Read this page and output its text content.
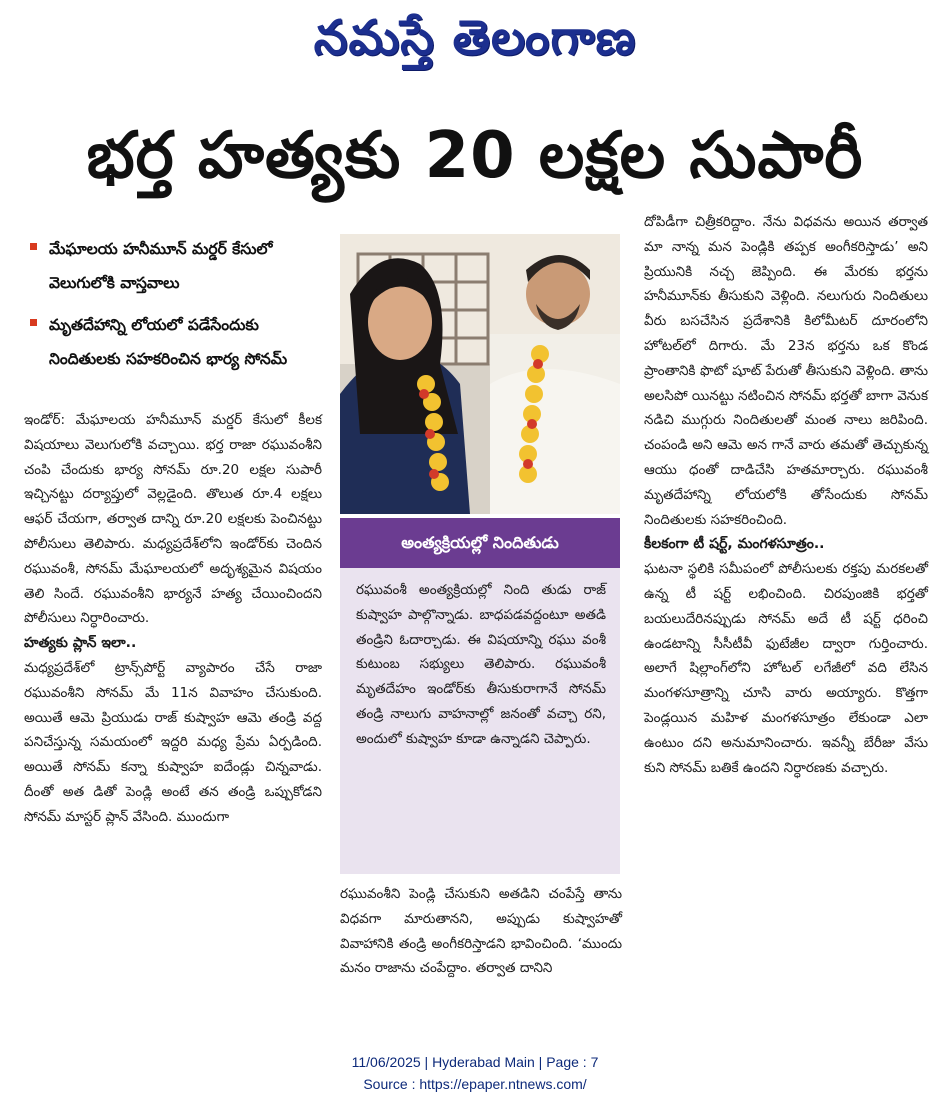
నమస్తే తెలంగాణ
భర్త హత్యకు 20 లక్షల సుపారీ
మేఘాలయ హనీమూన్ మర్డర్ కేసులో వెలుగులోకి వాస్తవాలు
మృతదేహాన్ని లోయలో పడేసేందుకు నిందితులకు సహకరించిన భార్య సోనమ్

ఇండోర్: మేఘాలయ హనీమూన్ మర్డర్ కేసులో కీలక విషయాలు వెలుగులోకి వచ్చాయి. భర్త రాజా రఘువంశీని చంపి చేందుకు భార్య సోనమ్ రూ.20 లక్షల సుపారీ ఇచ్చినట్టు దర్యాప్తులో వెల్లడైంది. తొలుత రూ.4 లక్షలు ఆఫర్ చేయగా, తర్వాత దాన్ని రూ.20 లక్షలకు పెంచినట్టు పోలీసులు తెలిపారు. మధ్యప్రదేశ్‌లోని ఇండోర్‌కు చెందిన రఘువంశీ, సోనమ్ మేఘాలయలో అదృశ్యమైన విషయం తెలి సిందే. రఘువంశీని భార్యనే హత్య చేయించిందని పోలీసులు నిర్ధారించారు.

హత్యకు ప్లాన్ ఇలా..

మధ్యప్రదేశ్‌లో ట్రాన్స్‌పోర్ట్ వ్యాపారం చేసే రాజా రఘువంశీని సోనమ్ మే 11న వివాహం చేసుకుంది. అయితే ఆమె ప్రియుడు రాజ్ కుష్వాహ ఆమె తండ్రి వద్ద పనిచేస్తున్న సమయంలో ఇద్దరి మధ్య ప్రేమ ఏర్పడింది. అయితే సోనమ్ కన్నా కుష్వాహ ఐదేండ్లు చిన్నవాడు. దీంతో అత డితో పెండ్లి అంటే తన తండ్రి ఒప్పుకోడని సోనమ్ మాస్టర్ ప్లాన్ వేసింది. ముందుగా

అంత్యక్రియల్లో నిందితుడు
రఘువంశీ అంత్యక్రియల్లో నింది తుడు రాజ్ కుష్వాహ పాల్గొన్నాడు. బాధపడవద్దంటూ అతడి తండ్రిని ఓదార్చాడు. ఈ విషయాన్ని రఘు వంశీ కుటుంబ సభ్యులు తెలిపారు. రఘువంశీ మృతదేహం ఇండోర్‌కు తీసుకురాగానే సోనమ్ తండ్రి నాలుగు వాహనాల్లో జనంతో వచ్చా రని, అందులో కుష్వాహ కూడా ఉన్నాడని చెప్పారు.

రఘువంశీని పెండ్లి చేసుకుని అతడిని చంపేస్తే తాను విధవగా మారుతానని, అప్పుడు కుష్వాహతో వివాహానికి తండ్రి అంగీకరిస్తాడని భావించింది. ‘ముందు మనం రాజాను చంపేద్దాం. తర్వాత దానిని

దోపిడీగా చిత్రీకరిద్దాం. నేను విధవను అయిన తర్వాత మా నాన్న మన పెండ్లికి తప్పక అంగీకరిస్తాడు’ అని ప్రియునికి నచ్చ జెప్పింది. ఈ మేరకు భర్తను హనీమూన్‌కు తీసుకుని వెళ్లింది. నలుగురు నిందితులు వీరు బసచేసిన ప్రదేశానికి కిలోమీటర్ దూరంలోని హోటల్‌లో దిగారు. మే 23న భర్తను ఒక కొండ ప్రాంతానికి ఫొటో షూట్ పేరుతో తీసుకుని వెళ్లింది. తాను అలసిపో యినట్టు నటించిన సోనమ్ భర్తతో బాగా వెనుక నడిచి ముగ్గురు నిందితులతో మంత నాలు జరిపింది. చంపండి అని ఆమె అన గానే వారు తమతో తెచ్చుకున్న ఆయు ధంతో దాడిచేసి హతమార్చారు. రఘువంశీ మృతదేహాన్ని లోయలోకి తోసేందుకు సోనమ్ నిందితులకు సహకరించింది.

కీలకంగా టీ షర్ట్, మంగళసూత్రం..

ఘటనా స్థలికి సమీపంలో పోలీసులకు రక్తపు మరకలతో ఉన్న టీ షర్ట్ లభించింది. చిరపుంజికి భర్తతో బయలుదేరినప్పుడు సోనమ్ అదే టీ షర్ట్ ధరించి ఉండటాన్ని సీసీటీవీ ఫుటేజీల ద్వారా గుర్తించారు. అలాగే షిల్లాంగ్‌లోని హోటల్ లగేజీలో వది లేసిన మంగళసూత్రాన్ని చూసి వారు అయ్యారు. కొత్తగా పెండ్లయిన మహిళ మంగళసూత్రం లేకుండా ఎలా ఉంటుం దని అనుమానించారు. ఇవన్నీ బేరీజు వేసు కుని సోనమ్ బతికే ఉందని నిర్ధారణకు వచ్చారు.

11/06/2025 | Hyderabad Main | Page : 7
Source : https://epaper.ntnews.com/
